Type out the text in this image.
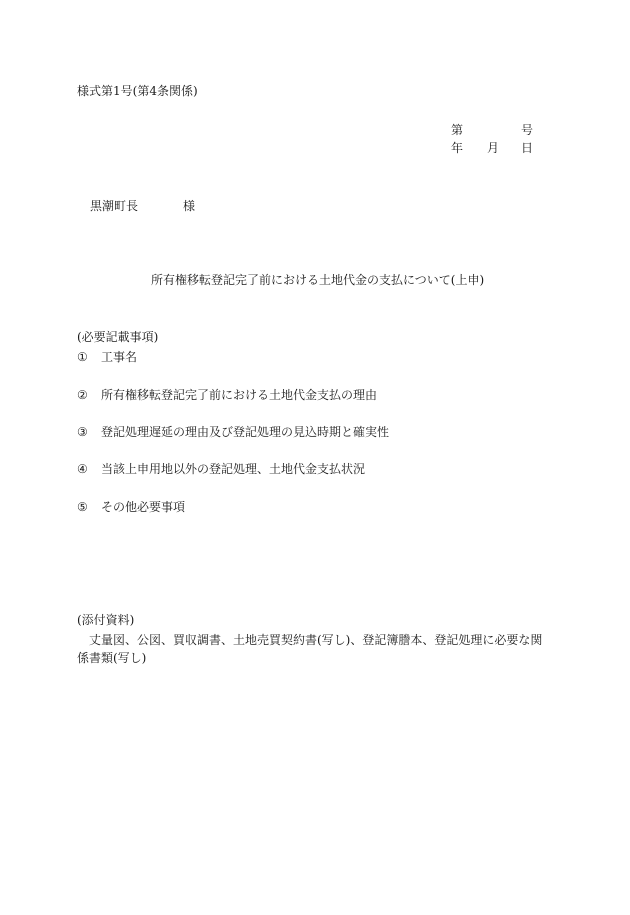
様式第1号(第4条関係)
第	号
年 月 日
黒潮町長	様
所有権移転登記完了前における土地代金の支払について(上申)
(必要記載事項)
① 工事名
② 所有権移転登記完了前における土地代金支払の理由
③ 登記処理遅延の理由及び登記処理の見込時期と確実性
④ 当該上申用地以外の登記処理、土地代金支払状況
⑤ その他必要事項
(添付資料)
丈量図、公図、買収調書、土地売買契約書(写し)、登記簿謄本、登記処理に必要な関係書類(写し)
